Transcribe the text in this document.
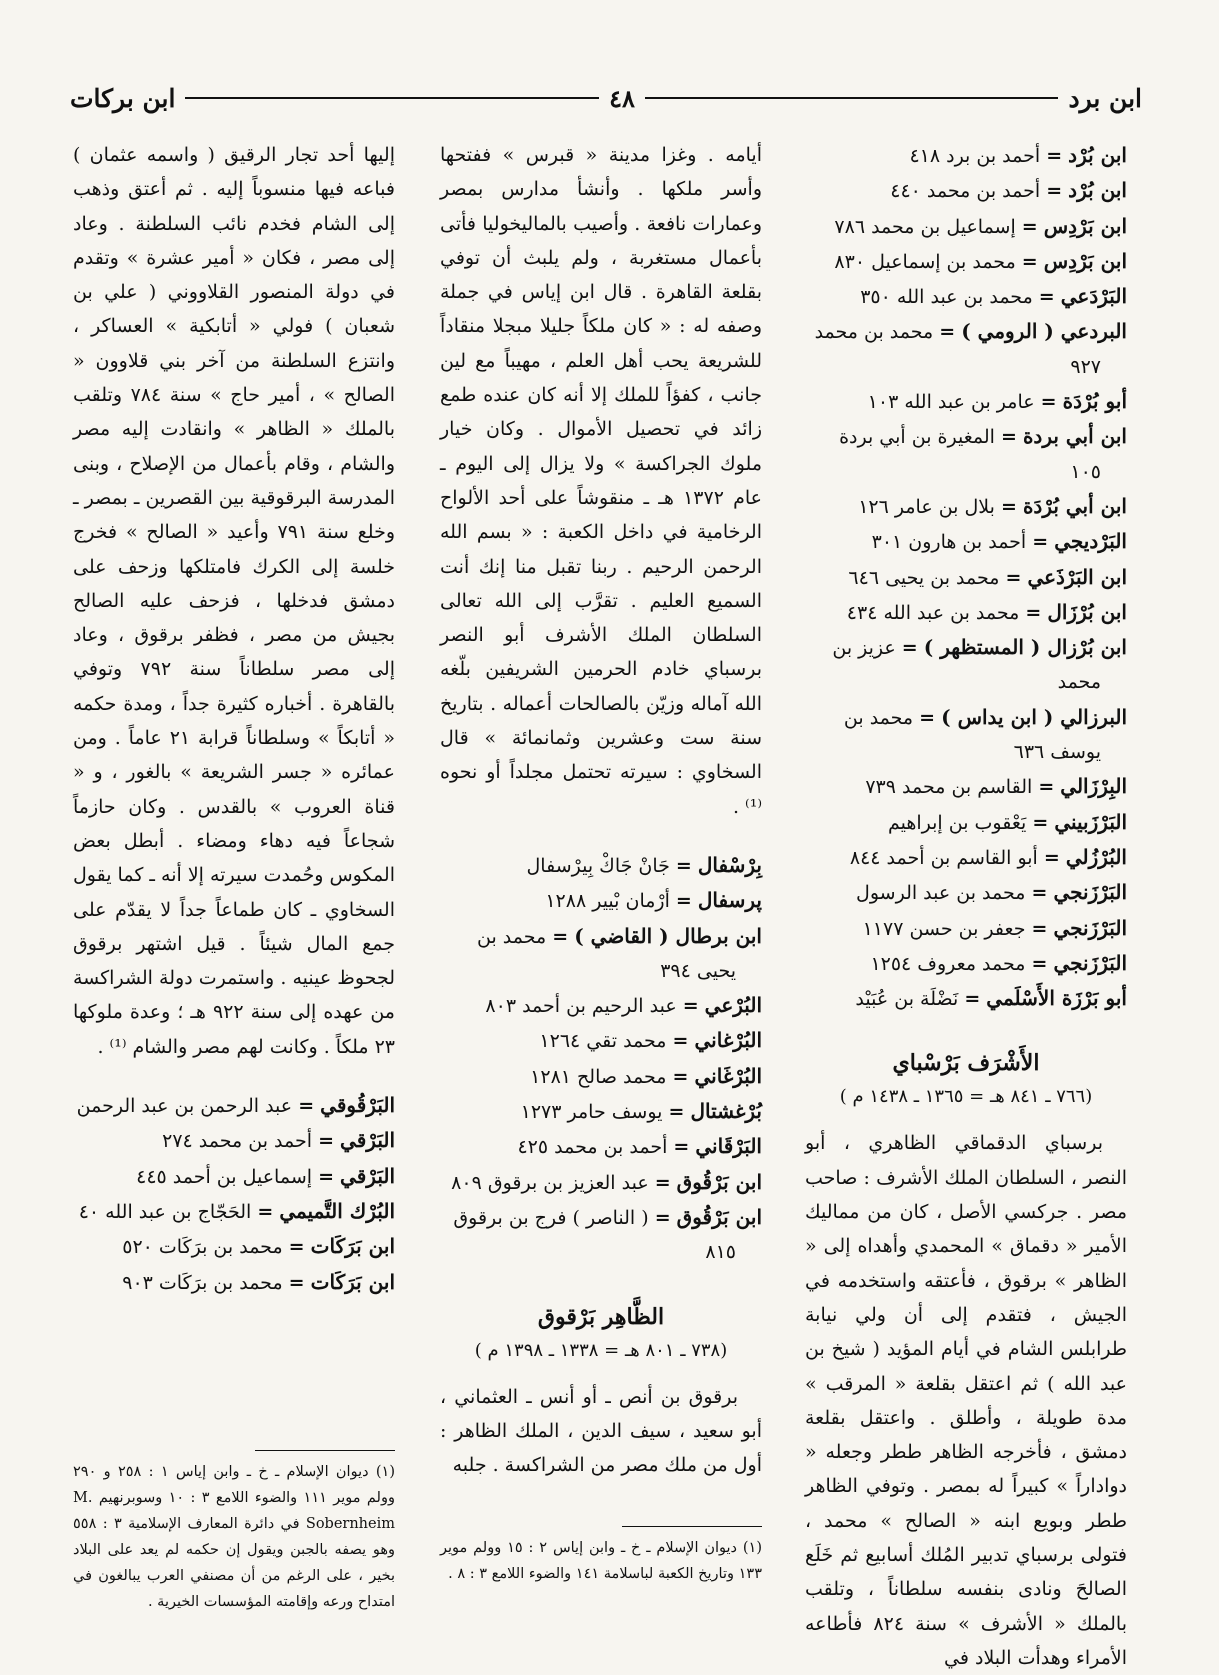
ابن برد
٤٨
ابن بركات
ابن بُرْد = أحمد بن برد ٤١٨
ابن بُرْد = أحمد بن محمد ٤٤٠
ابن بَرْدِس = إسماعيل بن محمد ٧٨٦
ابن بَرْدِس = محمد بن إسماعيل ٨٣٠
البَرْدَعي = محمد بن عبد الله ٣٥٠
البردعي ( الرومي ) = محمد بن محمد ٩٢٧
أبو بُرْدَة = عامر بن عبد الله ١٠٣
ابن أبي بردة = المغيرة بن أبي بردة ١٠٥
ابن أبي بُرْدَة = بلال بن عامر ١٢٦
البَرْديجي = أحمد بن هارون ٣٠١
ابن البَرْذَعي = محمد بن يحيى ٦٤٦
ابن بُرْزَال = محمد بن عبد الله ٤٣٤
ابن بُرْزال ( المستظهر ) = عزيز بن محمد
البرزالي ( ابن يداس ) = محمد بن يوسف ٦٣٦
البِرْزَالي = القاسم بن محمد ٧٣٩
البَرْزَبيني = يَعْقوب بن إبراهيم
البُرْزُلي = أبو القاسم بن أحمد ٨٤٤
البَرْزَنجي = محمد بن عبد الرسول
البَرْزَنجي = جعفر بن حسن ١١٧٧
البَرْزَنجي = محمد معروف ١٢٥٤
أبو بَرْزَة الأَسْلَمي = نَضْلَة بن عُبَيْد
الأَشْرَف بَرْسْباي
(٧٦٦ ـ ٨٤١ هـ = ١٣٦٥ ـ ١٤٣٨ م )

برسباي الدقماقي الظاهري ، أبو النصر ، السلطان الملك الأشرف : صاحب مصر . جركسي الأصل ، كان من مماليك الأمير « دقماق » المحمدي وأهداه إلى « الظاهر » برقوق ، فأعتقه واستخدمه في الجيش ، فتقدم إلى أن ولي نيابة طرابلس الشام في أيام المؤيد ( شيخ بن عبد الله ) ثم اعتقل بقلعة « المرقب » مدة طويلة ، وأطلق . واعتقل بقلعة دمشق ، فأخرجه الظاهر ططر وجعله « دواداراً » كبيراً له بمصر . وتوفي الظاهر ططر وبويع ابنه « الصالح » محمد ، فتولى برسباي تدبير المُلك أسابيع ثم خَلَع الصالحَ ونادى بنفسه سلطاناً ، وتلقب بالملك « الأشرف » سنة ٨٢٤ فأطاعه الأمراء وهدأت البلاد في

أيامه . وغزا مدينة « قبرس » ففتحها وأسر ملكها . وأنشأ مدارس بمصر وعمارات نافعة . وأصيب بالماليخوليا فأتى بأعمال مستغربة ، ولم يلبث أن توفي بقلعة القاهرة . قال ابن إياس في جملة وصفه له : « كان ملكاً جليلا مبجلا منقاداً للشريعة يحب أهل العلم ، مهيباً مع لين جانب ، كفؤاً للملك إلا أنه كان عنده طمع زائد في تحصيل الأموال . وكان خيار ملوك الجراكسة » ولا يزال إلى اليوم ـ عام ١٣٧٢ هـ ـ منقوشاً على أحد الألواح الرخامية في داخل الكعبة : « بسم الله الرحمن الرحيم . ربنا تقبل منا إنك أنت السميع العليم . تقرَّب إلى الله تعالى السلطان الملك الأشرف أبو النصر برسباي خادم الحرمين الشريفين بلّغه الله آماله وزيّن بالصالحات أعماله . بتاريخ سنة ست وعشرين وثمانمائة » قال السخاوي : سيرته تحتمل مجلداً أو نحوه ⁽¹⁾ .

بِرْسْفال = جَانْ جَاكْ بِيرْسفال
پرسفال = أرْمان بْيير ١٢٨٨
ابن برطال ( القاضي ) = محمد بن يحيى ٣٩٤
البُرْعي = عبد الرحيم بن أحمد ٨٠٣
البُرْغاني = محمد تقي ١٢٦٤
البُرْغَاني = محمد صالح ١٢٨١
بُرْغشتال = يوسف حامر ١٢٧٣
البَرْقَاني = أحمد بن محمد ٤٢٥
ابن بَرْقُوق = عبد العزيز بن برقوق ٨٠٩
ابن بَرْقُوق = ( الناصر ) فرج بن برقوق ٨١٥
الظَّاهِر بَرْقوق
(٧٣٨ ـ ٨٠١ هـ = ١٣٣٨ ـ ١٣٩٨ م )

برقوق بن أنص ـ أو أنس ـ العثماني ، أبو سعيد ، سيف الدين ، الملك الظاهر : أول من ملك مصر من الشراكسة . جلبه

(١) ديوان الإسلام ـ خ ـ وابن إياس ٢ : ١٥ وولم موير ١٣٣ وتاريخ الكعبة لباسلامة ١٤١ والضوء اللامع ٣ : ٨ .

إليها أحد تجار الرقيق ( واسمه عثمان ) فباعه فيها منسوباً إليه . ثم أعتق وذهب إلى الشام فخدم نائب السلطنة . وعاد إلى مصر ، فكان « أمير عشرة » وتقدم في دولة المنصور القلاووني ( علي بن شعبان ) فولي « أتابكية » العساكر ، وانتزع السلطنة من آخر بني قلاوون « الصالح » ، أمير حاج » سنة ٧٨٤ وتلقب بالملك « الظاهر » وانقادت إليه مصر والشام ، وقام بأعمال من الإصلاح ، وبنى المدرسة البرقوقية بين القصرين ـ بمصر ـ وخلع سنة ٧٩١ وأعيد « الصالح » فخرج خلسة إلى الكرك فامتلكها وزحف على دمشق فدخلها ، فزحف عليه الصالح بجيش من مصر ، فظفر برقوق ، وعاد إلى مصر سلطاناً سنة ٧٩٢ وتوفي بالقاهرة . أخباره كثيرة جداً ، ومدة حكمه « أتابكاً » وسلطاناً قرابة ٢١ عاماً . ومن عمائره « جسر الشريعة » بالغور ، و « قناة العروب » بالقدس . وكان حازماً شجاعاً فيه دهاء ومضاء . أبطل بعض المكوس وحُمدت سيرته إلا أنه ـ كما يقول السخاوي ـ كان طماعاً جداً لا يقدّم على جمع المال شيئاً . قيل اشتهر برقوق لجحوظ عينيه . واستمرت دولة الشراكسة من عهده إلى سنة ٩٢٢ هـ ؛ وعدة ملوكها ٢٣ ملكاً . وكانت لهم مصر والشام ⁽¹⁾ .

البَرْقُوقي = عبد الرحمن بن عبد الرحمن
البَرْقي = أحمد بن محمد ٢٧٤
البَرْقي = إسماعيل بن أحمد ٤٤٥
البُرْك التَّميمي = الحَجّاج بن عبد الله ٤٠
ابن بَرَكَات = محمد بن برَكَات ٥٢٠
ابن بَرَكَات = محمد بن برَكَات ٩٠٣

(١) ديوان الإسلام ـ خ ـ وابن إياس ١ : ٢٥٨ و ٢٩٠ وولم موير ١١١ والضوء اللامع ٣ : ١٠ وسوبرنهيم M. Sobernheim في دائرة المعارف الإسلامية ٣ : ٥٥٨ وهو يصفه بالجبن ويقول إن حكمه لم يعد على البلاد بخير ، على الرغم من أن مصنفي العرب يبالغون في امتداح ورعه وإقامته المؤسسات الخيرية .
